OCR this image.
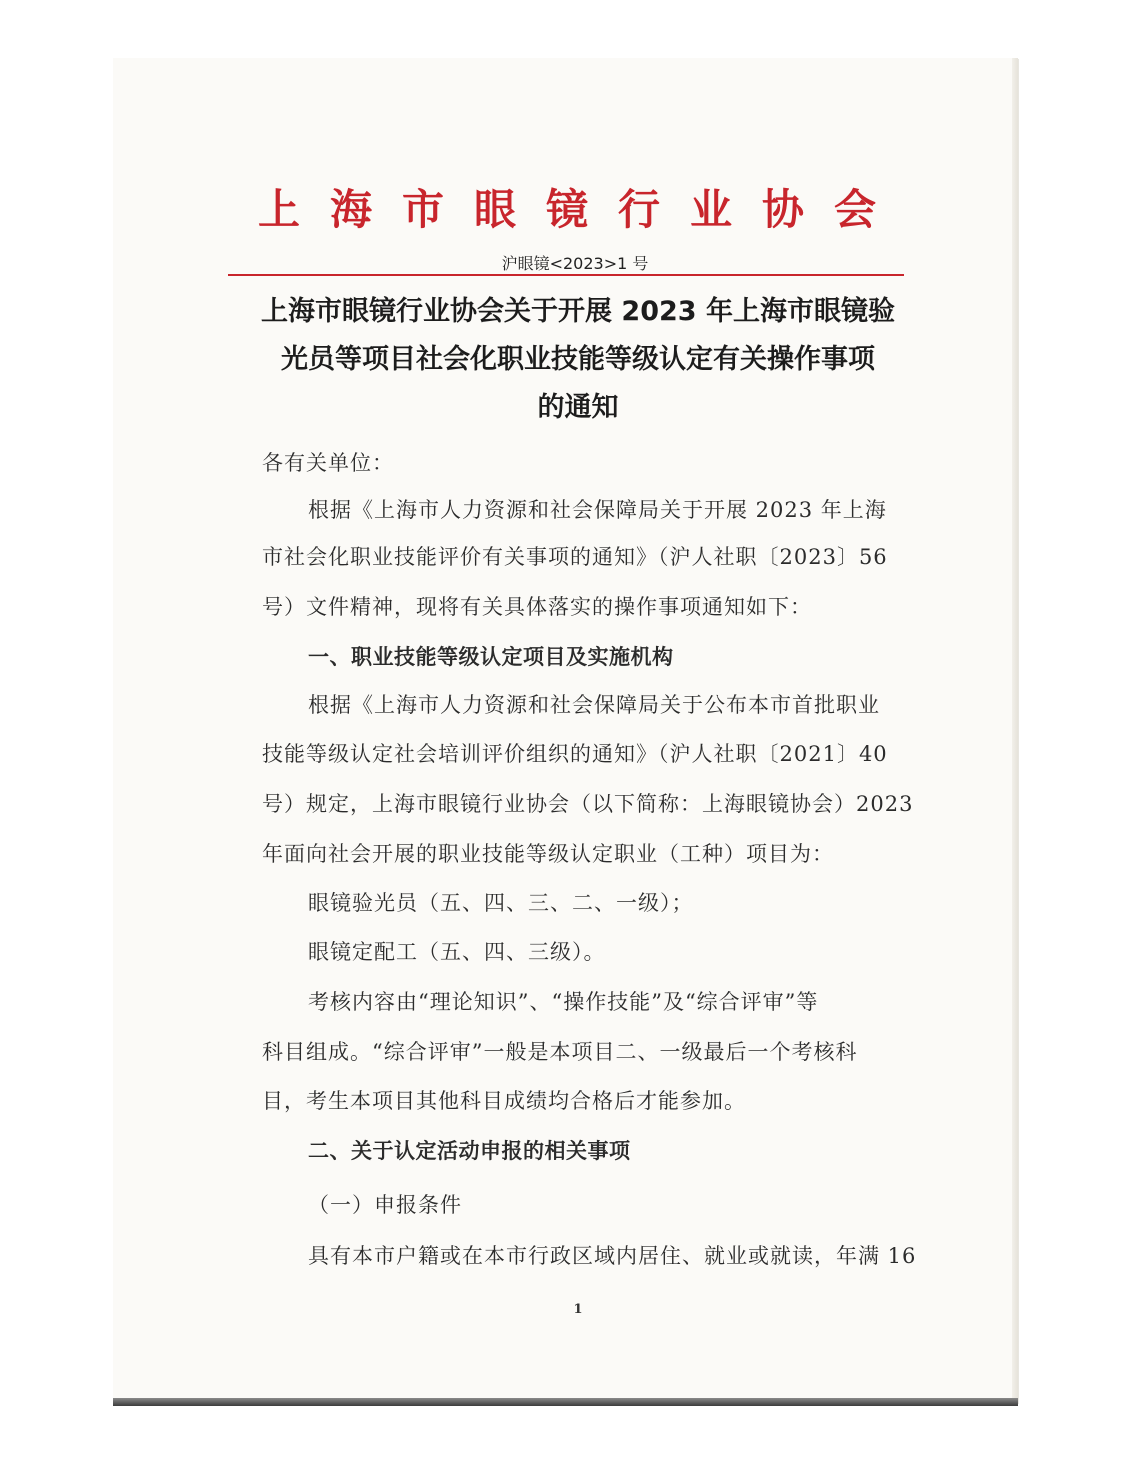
上海市眼镜行业协会
沪眼镜<2023>1 号
上海市眼镜行业协会关于开展 2023 年上海市眼镜验
光员等项目社会化职业技能等级认定有关操作事项
的通知
各有关单位：
根据《上海市人力资源和社会保障局关于开展 2023 年上海
市社会化职业技能评价有关事项的通知》（沪人社职〔2023〕56
号）文件精神，现将有关具体落实的操作事项通知如下：
一、职业技能等级认定项目及实施机构
根据《上海市人力资源和社会保障局关于公布本市首批职业
技能等级认定社会培训评价组织的通知》（沪人社职〔2021〕40
号）规定，上海市眼镜行业协会（以下简称：上海眼镜协会）2023
年面向社会开展的职业技能等级认定职业（工种）项目为：
眼镜验光员（五、四、三、二、一级）；
眼镜定配工（五、四、三级）。
考核内容由“理论知识”、“操作技能”及“综合评审”等
科目组成。“综合评审”一般是本项目二、一级最后一个考核科
目，考生本项目其他科目成绩均合格后才能参加。
二、关于认定活动申报的相关事项
（一）申报条件
具有本市户籍或在本市行政区域内居住、就业或就读，年满 16
1
